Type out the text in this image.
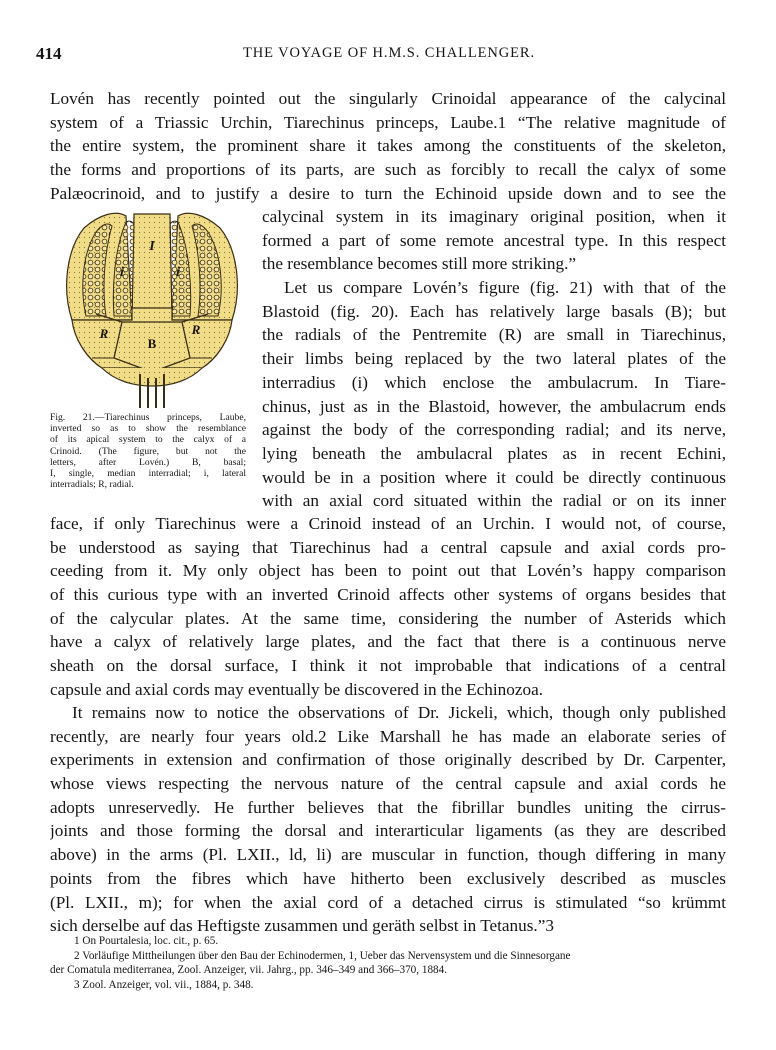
414	THE VOYAGE OF H.M.S. CHALLENGER.
Lovén has recently pointed out the singularly Crinoidal appearance of the calycinal
system of a Triassic Urchin, Tiarechinus princeps, Laube.1 “The relative magnitude of
the entire system, the prominent share it takes among the constituents of the skeleton,
the forms and proportions of its parts, are such as forcibly to recall the calyx of some
Palæocrinoid, and to justify a desire to turn the Echinoid upside down and to see the
I
i	i
R
B
R
Fig. 21.—Tiarechinus princeps, Laube,
inverted so as to show the resemblance
of its apical system to the calyx of a
Crinoid. (The figure, but not the
letters, after Lovén.) B, basal;
I, single, median interradial; i, lateral
interradials; R, radial.
calycinal system in its imaginary original position, when it
formed a part of some remote ancestral type. In this respect
the resemblance becomes still more striking.”
Let us compare Lovén’s figure (fig. 21) with that of the
Blastoid (fig. 20). Each has relatively large basals (B); but
the radials of the Pentremite (R) are small in Tiarechinus,
their limbs being replaced by the two lateral plates of the
interradius (i) which enclose the ambulacrum. In Tiare-
chinus, just as in the Blastoid, however, the ambulacrum ends
against the body of the corresponding radial; and its nerve,
lying beneath the ambulacral plates as in recent Echini,
would be in a position where it could be directly continuous
with an axial cord situated within the radial or on its inner
face, if only Tiarechinus were a Crinoid instead of an Urchin. I would not, of course,
be understood as saying that Tiarechinus had a central capsule and axial cords pro-
ceeding from it. My only object has been to point out that Lovén’s happy comparison
of this curious type with an inverted Crinoid affects other systems of organs besides that
of the calycular plates. At the same time, considering the number of Asterids which
have a calyx of relatively large plates, and the fact that there is a continuous nerve
sheath on the dorsal surface, I think it not improbable that indications of a central
capsule and axial cords may eventually be discovered in the Echinozoa.
It remains now to notice the observations of Dr. Jickeli, which, though only published
recently, are nearly four years old.2 Like Marshall he has made an elaborate series of
experiments in extension and confirmation of those originally described by Dr. Carpenter,
whose views respecting the nervous nature of the central capsule and axial cords he
adopts unreservedly. He further believes that the fibrillar bundles uniting the cirrus-
joints and those forming the dorsal and interarticular ligaments (as they are described
above) in the arms (Pl. LXII., ld, li) are muscular in function, though differing in many
points from the fibres which have hitherto been exclusively described as muscles
(Pl. LXII., m); for when the axial cord of a detached cirrus is stimulated “so krümmt
sich derselbe auf das Heftigste zusammen und geräth selbst in Tetanus.”3
1 On Pourtalesia, loc. cit., p. 65.
2 Vorläufige Mittheilungen über den Bau der Echinodermen, 1, Ueber das Nervensystem und die Sinnesorgane
der Comatula mediterranea, Zool. Anzeiger, vii. Jahrg., pp. 346–349 and 366–370, 1884.
3 Zool. Anzeiger, vol. vii., 1884, p. 348.
